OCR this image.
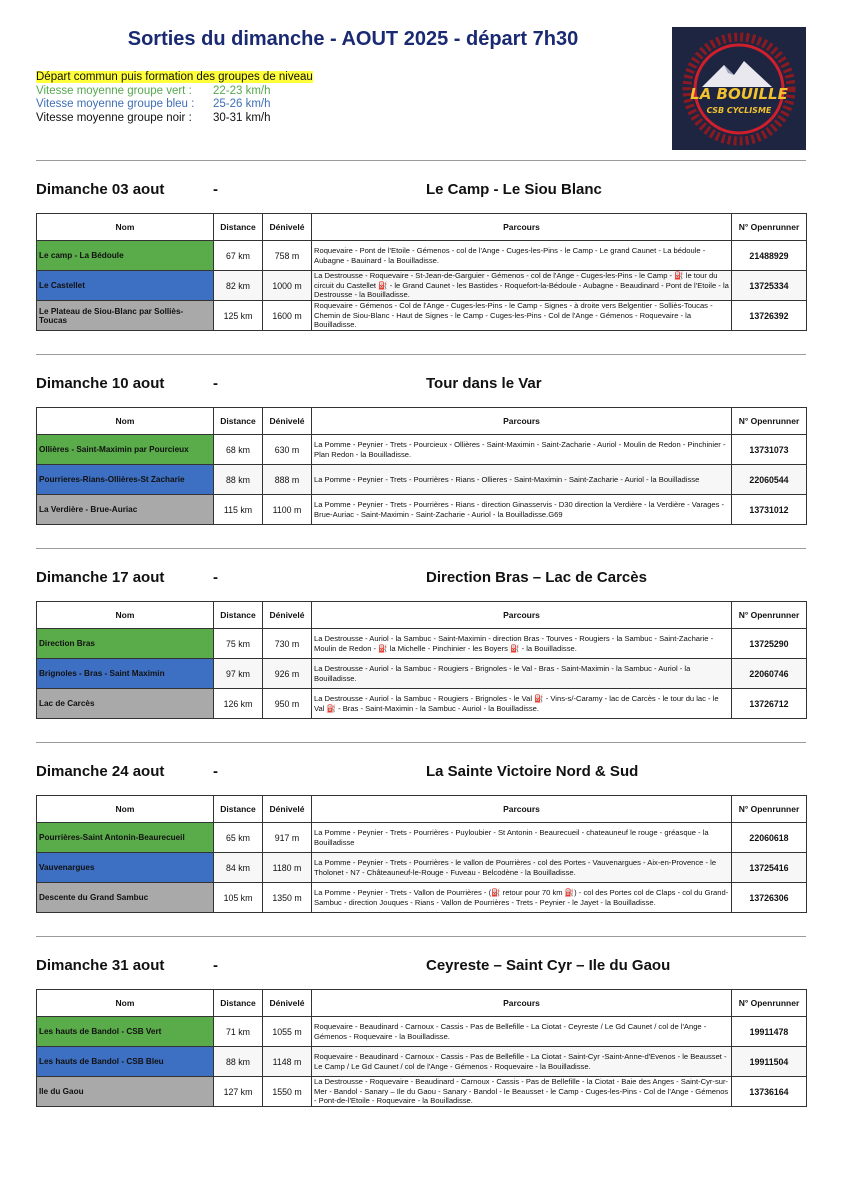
Sorties du dimanche - AOUT 2025 - départ 7h30
LA BOUILLE
CSB CYCLISME
Départ commun puis formation des groupes de niveau
Vitesse moyenne groupe vert : 22-23 km/h
Vitesse moyenne groupe bleu : 25-26 km/h
Vitesse moyenne groupe noir : 30-31 km/h
Dimanche 03 aout	-	Le Camp - Le Siou Blanc
Nom	Distance	Dénivelé	Parcours	N° Openrunner
Le camp - La Bédoule	67 km	758 m	Roquevaire - Pont de l'Etoile - Gémenos - col de l'Ange - Cuges-les-Pins - le Camp - Le grand Caunet - La bédoule - Aubagne - Bauinard - la Bouilladisse.	21488929
Le Castellet	82 km	1000 m	La Destrousse - Roquevaire - St-Jean-de-Garguier - Gémenos - col de l'Ange - Cuges-les-Pins - le Camp - ⛽ le tour du circuit du Castellet ⛽ - le Grand Caunet - les Bastides - Roquefort-la-Bédoule - Aubagne - Beaudinard - Pont de l'Etoile - la Destrousse - la Bouilladisse.	13725334
Le Plateau de Siou-Blanc par Solliès-Toucas	125 km	1600 m	Roquevaire - Gémenos - Col de l'Ange - Cuges-les-Pins - le Camp - Signes - à droite vers Belgentier - Solliès-Toucas - Chemin de Siou-Blanc - Haut de Signes - le Camp - Cuges-les-Pins - Col de l'Ange - Gémenos - Roquevaire - la Bouilladisse.	13726392
Dimanche 10 aout	-	Tour dans le Var
Nom	Distance	Dénivelé	Parcours	N° Openrunner
Ollières - Saint-Maximin par Pourcieux	68 km	630 m	La Pomme - Peynier - Trets - Pourcieux - Ollières - Saint-Maximin - Saint-Zacharie - Auriol - Moulin de Redon - Pinchinier - Plan Redon - la Bouilladisse.	13731073
Pourrieres-Rians-Ollières-St Zacharie	88 km	888 m	La Pomme - Peynier - Trets - Pourrières - Rians - Ollieres - Saint-Maximin - Saint-Zacharie - Auriol - la Bouilladisse	22060544
La Verdière - Brue-Auriac	115 km	1100 m	La Pomme - Peynier - Trets - Pourrières - Rians - direction Ginasservis - D30 direction la Verdière - la Verdière - Varages - Brue-Auriac - Saint-Maximin - Saint-Zacharie - Auriol - la Bouilladisse.G69	13731012
Dimanche 17 aout	-	Direction Bras – Lac de Carcès
Nom	Distance	Dénivelé	Parcours	N° Openrunner
Direction Bras	75 km	730 m	La Destrousse - Auriol - la Sambuc - Saint-Maximin - direction Bras - Tourves - Rougiers - la Sambuc - Saint-Zacharie - Moulin de Redon - ⛽ la Michelle - Pinchinier - les Boyers ⛽ - la Bouilladisse.	13725290
Brignoles - Bras - Saint Maximin	97 km	926 m	La Destrousse - Auriol - la Sambuc - Rougiers - Brignoles - le Val - Bras - Saint-Maximin - la Sambuc - Auriol - la Bouilladisse.	22060746
Lac de Carcès	126 km	950 m	La Destrousse - Auriol - la Sambuc - Rougiers - Brignoles - le Val ⛽ - Vins-s/-Caramy - lac de Carcès - le tour du lac - le Val ⛽ - Bras - Saint-Maximin - la Sambuc - Auriol - la Bouilladisse.	13726712
Dimanche 24 aout	-	La Sainte Victoire Nord & Sud
Nom	Distance	Dénivelé	Parcours	N° Openrunner
Pourrières-Saint Antonin-Beaurecueil	65 km	917 m	La Pomme - Peynier - Trets - Pourrières - Puyloubier - St Antonin - Beaurecueil - chateauneuf le rouge - gréasque - la Bouilladisse	22060618
Vauvenargues	84 km	1180 m	La Pomme - Peynier - Trets - Pourrières - le vallon de Pourrières - col des Portes - Vauvenargues - Aix-en-Provence - le Tholonet - N7 - Châteauneuf-le-Rouge - Fuveau - Belcodène - la Bouilladisse.	13725416
Descente du Grand Sambuc	105 km	1350 m	La Pomme - Peynier - Trets - Vallon de Pourrières - (⛽ retour pour 70 km ⛽) - col des Portes col de Claps - col du Grand-Sambuc - direction Jouques - Rians - Vallon de Pourrières - Trets - Peynier - le Jayet - la Bouilladisse.	13726306
Dimanche 31 aout	-	Ceyreste – Saint Cyr – Ile du Gaou
Nom	Distance	Dénivelé	Parcours	N° Openrunner
Les hauts de Bandol - CSB Vert	71 km	1055 m	Roquevaire - Beaudinard - Carnoux - Cassis - Pas de Bellefille - La Ciotat - Ceyreste / Le Gd Caunet / col de l'Ange - Gémenos - Roquevaire - la Bouilladisse.	19911478
Les hauts de Bandol - CSB Bleu	88 km	1148 m	Roquevaire - Beaudinard - Carnoux - Cassis - Pas de Bellefille - La Ciotat - Saint-Cyr -Saint-Anne-d'Evenos - le Beausset - Le Camp / Le Gd Caunet / col de l'Ange - Gémenos - Roquevaire - la Bouilladisse.	19911504
Ile du Gaou	127 km	1550 m	La Destrousse - Roquevaire - Beaudinard - Carnoux - Cassis - Pas de Bellefille - la Ciotat - Baie des Anges - Saint-Cyr-sur-Mer - Bandol - Sanary – Ile du Gaou - Sanary - Bandol - le Beausset - le Camp - Cuges-les-Pins - Col de l'Ange - Gémenos - Pont-de-l'Etoile - Roquevaire - la Bouilladisse.	13736164
